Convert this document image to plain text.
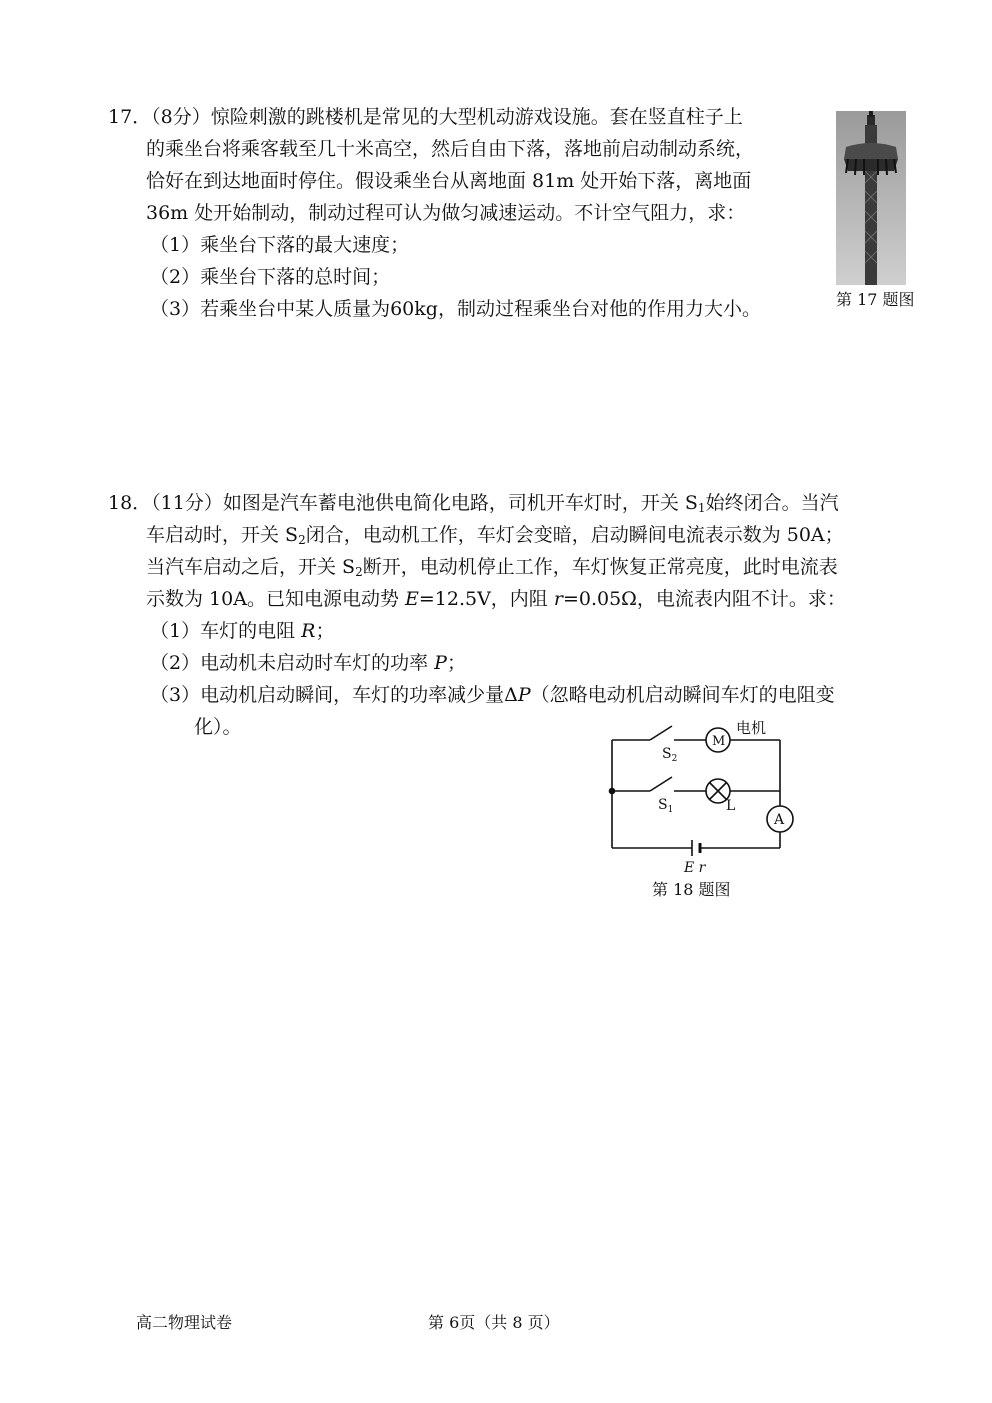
17．（8分）惊险刺激的跳楼机是常见的大型机动游戏设施。套在竖直柱子上
的乘坐台将乘客载至几十米高空，然后自由下落，落地前启动制动系统，
恰好在到达地面时停住。假设乘坐台从离地面 81m 处开始下落，离地面
36m 处开始制动，制动过程可认为做匀减速运动。不计空气阻力，求：
（1）乘坐台下落的最大速度；
（2）乘坐台下落的总时间；
（3）若乘坐台中某人质量为60kg，制动过程乘坐台对他的作用力大小。	第 17 题图
18．（11分）如图是汽车蓄电池供电简化电路，司机开车灯时，开关 $S_1$始终闭合。当汽
车启动时，开关 $S_2$闭合，电动机工作，车灯会变暗，启动瞬间电流表示数为 50A；
当汽车启动之后，开关 $S_2$断开，电动机停止工作，车灯恢复正常亮度，此时电流表
示数为 10A。已知电源电动势 E=12.5V，内阻 r=0.05Ω，电流表内阻不计。求：
（1）车灯的电阻 R；
（2）电动机未启动时车灯的功率 P；
（3）电动机启动瞬间，车灯的功率减少量ΔP（忽略电动机启动瞬间车灯的电阻变
化）。	电机
M
$S_2$
$S_1$	L
A
E r
第 18 题图
高二物理试卷	第 6页（共 8 页）
